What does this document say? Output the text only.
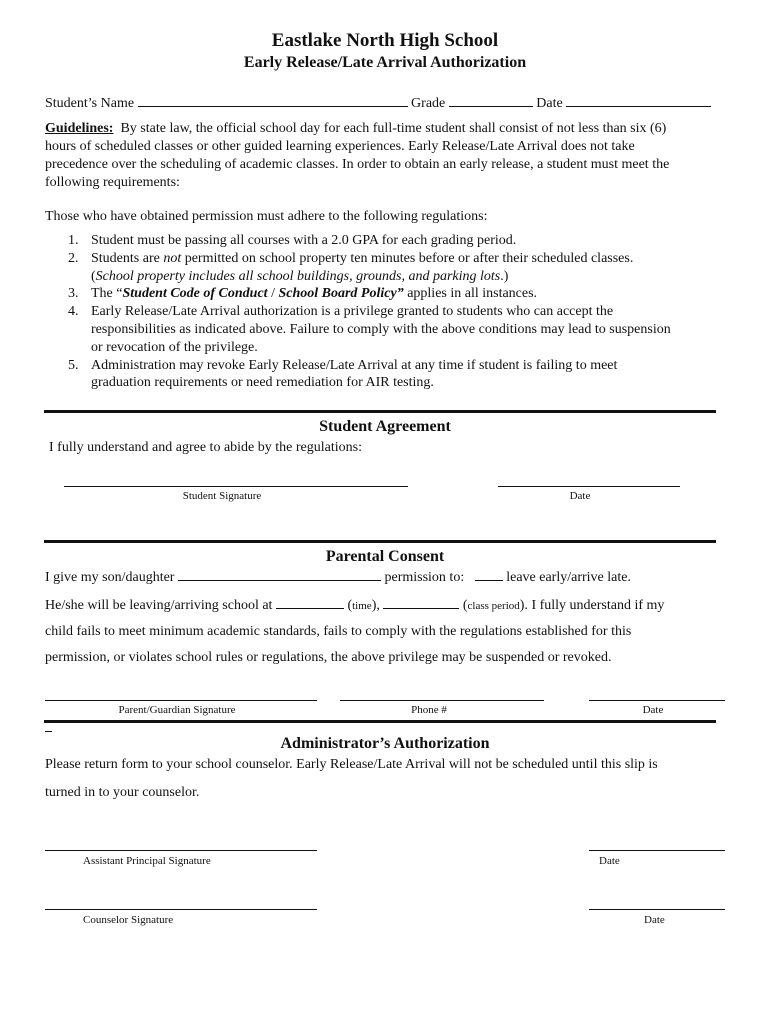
Eastlake North High School
Early Release/Late Arrival Authorization
Student’s Name	Grade	Date
Guidelines: By state law, the official school day for each full-time student shall consist of not less than six (6)
hours of scheduled classes or other guided learning experiences. Early Release/Late Arrival does not take
precedence over the scheduling of academic classes. In order to obtain an early release, a student must meet the
following requirements:
Those who have obtained permission must adhere to the following regulations:
1. Student must be passing all courses with a 2.0 GPA for each grading period.
2. Students are not permitted on school property ten minutes before or after their scheduled classes.
(School property includes all school buildings, grounds, and parking lots.)
3. The “Student Code of Conduct / School Board Policy” applies in all instances.
4. Early Release/Late Arrival authorization is a privilege granted to students who can accept the
responsibilities as indicated above. Failure to comply with the above conditions may lead to suspension
or revocation of the privilege.
5. Administration may revoke Early Release/Late Arrival at any time if student is failing to meet
graduation requirements or need remediation for AIR testing.
Student Agreement
I fully understand and agree to abide by the regulations:
Student Signature	Date
Parental Consent
I give my son/daughter	permission to:	leave early/arrive late.
He/she will be leaving/arriving school at	(time),	(class period). I fully understand if my
child fails to meet minimum academic standards, fails to comply with the regulations established for this
permission, or violates school rules or regulations, the above privilege may be suspended or revoked.
Parent/Guardian Signature	Phone #	Date
Administrator’s Authorization
Please return form to your school counselor. Early Release/Late Arrival will not be scheduled until this slip is
turned in to your counselor.
Assistant Principal Signature	Date
Counselor Signature	Date
